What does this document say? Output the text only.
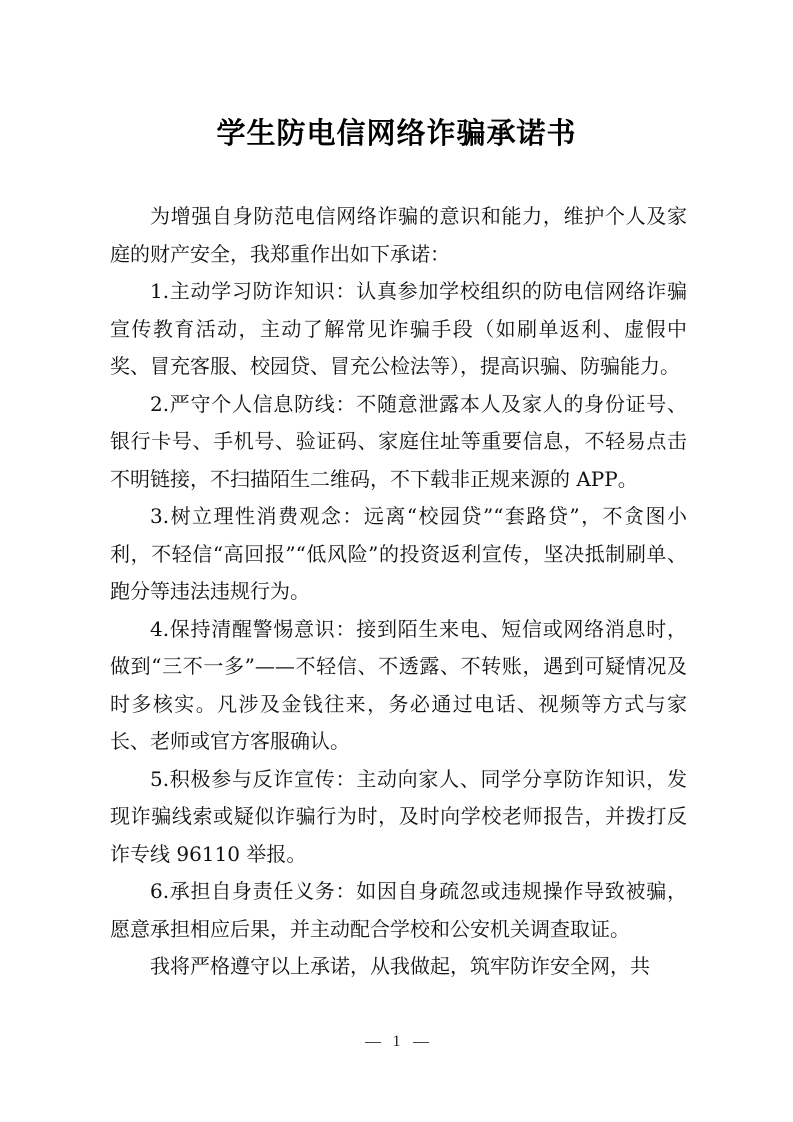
学生防电信网络诈骗承诺书

为增强自身防范电信网络诈骗的意识和能力，维护个人及家庭的财产安全，我郑重作出如下承诺：

1.主动学习防诈知识：认真参加学校组织的防电信网络诈骗宣传教育活动，主动了解常见诈骗手段（如刷单返利、虚假中奖、冒充客服、校园贷、冒充公检法等），提高识骗、防骗能力。

2.严守个人信息防线：不随意泄露本人及家人的身份证号、银行卡号、手机号、验证码、家庭住址等重要信息，不轻易点击不明链接，不扫描陌生二维码，不下载非正规来源的 APP。

3.树立理性消费观念：远离“校园贷”“套路贷”，不贪图小利，不轻信“高回报”“低风险”的投资返利宣传，坚决抵制刷单、跑分等违法违规行为。

4.保持清醒警惕意识：接到陌生来电、短信或网络消息时，做到“三不一多”——不轻信、不透露、不转账，遇到可疑情况及时多核实。凡涉及金钱往来，务必通过电话、视频等方式与家长、老师或官方客服确认。

5.积极参与反诈宣传：主动向家人、同学分享防诈知识，发现诈骗线索或疑似诈骗行为时，及时向学校老师报告，并拨打反诈专线 96110 举报。

6.承担自身责任义务：如因自身疏忽或违规操作导致被骗，愿意承担相应后果，并主动配合学校和公安机关调查取证。

我将严格遵守以上承诺，从我做起，筑牢防诈安全网，共

1
